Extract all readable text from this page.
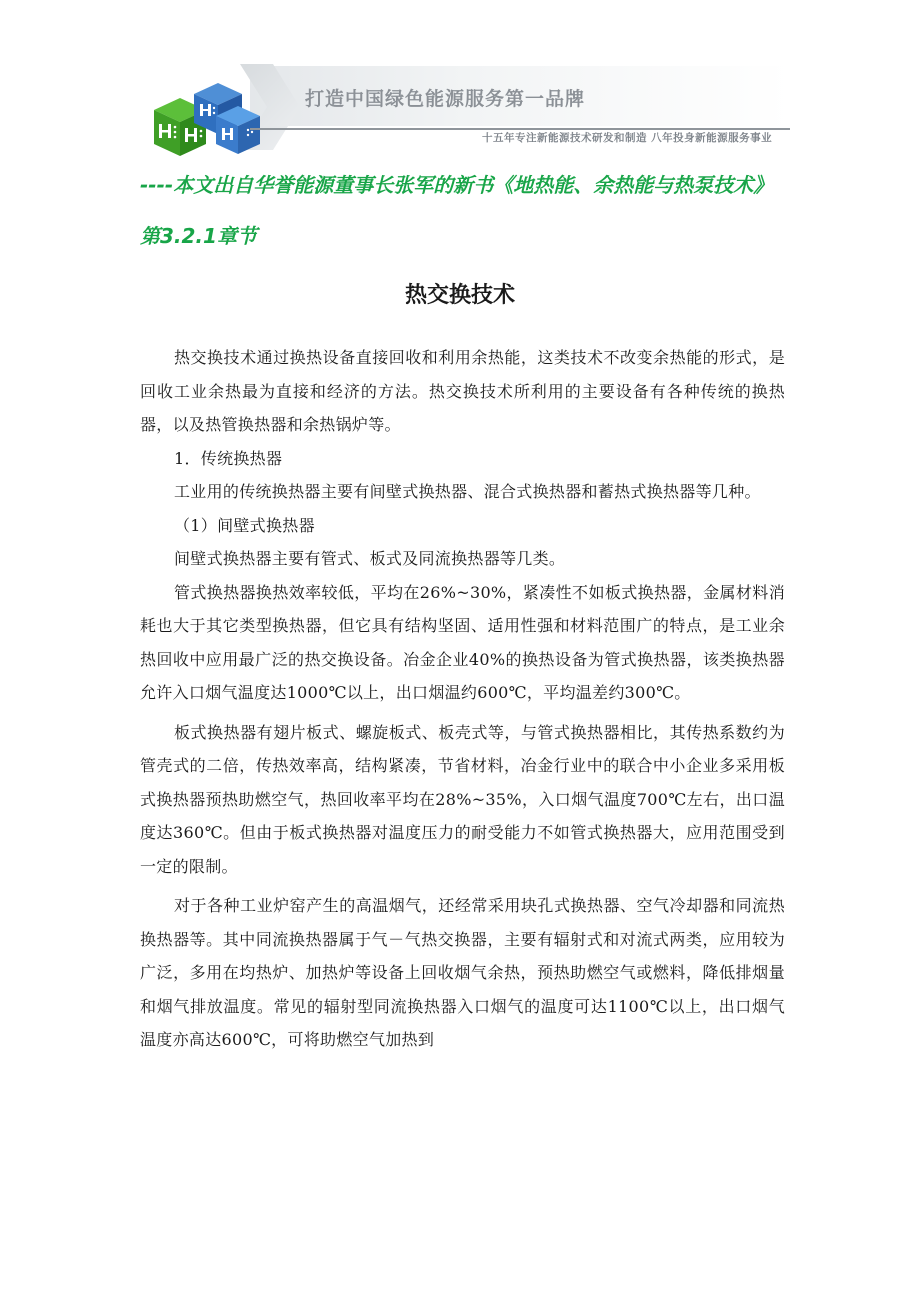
打造中国绿色能源服务第一品牌
十五年专注新能源技术研发和制造 八年投身新能源服务事业
----本文出自华誉能源董事长张军的新书《地热能、余热能与热泵技术》第3.2.1章节
热交换技术

热交换技术通过换热设备直接回收和利用余热能，这类技术不改变余热能的形式，是回收工业余热最为直接和经济的方法。热交换技术所利用的主要设备有各种传统的换热器，以及热管换热器和余热锅炉等。

1．传统换热器

工业用的传统换热器主要有间壁式换热器、混合式换热器和蓄热式换热器等几种。

（1）间壁式换热器

间壁式换热器主要有管式、板式及同流换热器等几类。

管式换热器换热效率较低，平均在26%~30%，紧凑性不如板式换热器，金属材料消耗也大于其它类型换热器，但它具有结构坚固、适用性强和材料范围广的特点，是工业余热回收中应用最广泛的热交换设备。冶金企业40%的换热设备为管式换热器，该类换热器允许入口烟气温度达1000℃以上，出口烟温约600℃，平均温差约300℃。

板式换热器有翅片板式、螺旋板式、板壳式等，与管式换热器相比，其传热系数约为管壳式的二倍，传热效率高，结构紧凑，节省材料，冶金行业中的联合中小企业多采用板式换热器预热助燃空气，热回收率平均在28%~35%，入口烟气温度700℃左右，出口温度达360℃。但由于板式换热器对温度压力的耐受能力不如管式换热器大，应用范围受到一定的限制。

对于各种工业炉窑产生的高温烟气，还经常采用块孔式换热器、空气冷却器和同流热换热器等。其中同流换热器属于气－气热交换器，主要有辐射式和对流式两类，应用较为广泛，多用在均热炉、加热炉等设备上回收烟气余热，预热助燃空气或燃料，降低排烟量和烟气排放温度。常见的辐射型同流换热器入口烟气的温度可达1100℃以上，出口烟气温度亦高达600℃，可将助燃空气加热到
